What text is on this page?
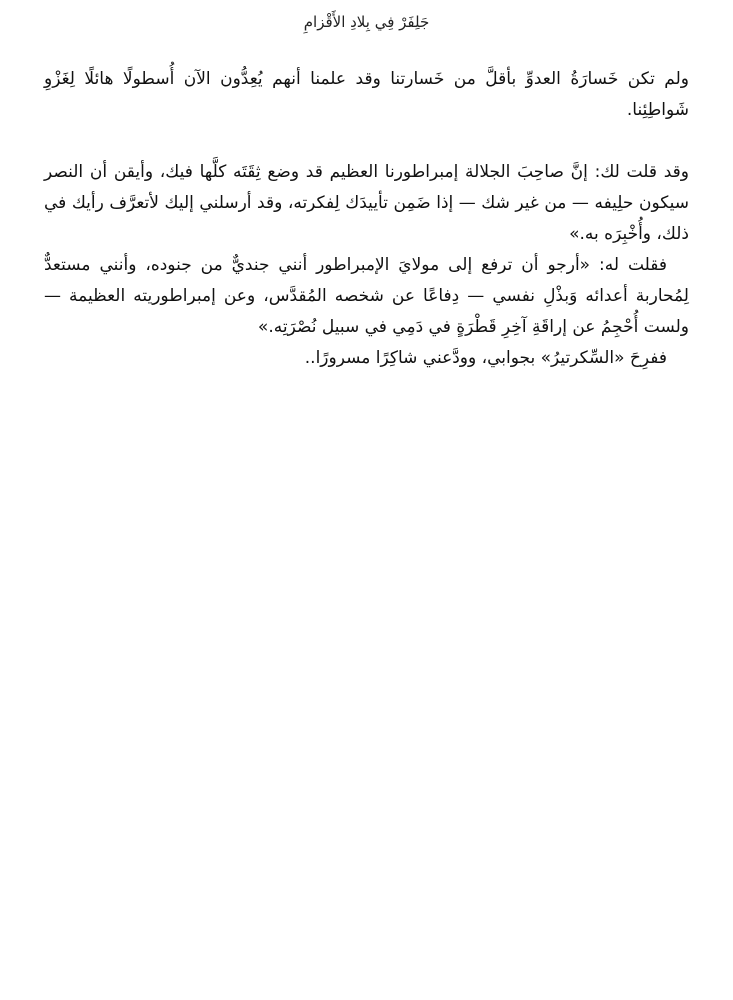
جَلِفَرْ فِي بِلادِ الأَقْزامِ

ولم تكن خَسارَةُ العدوِّ بأقلَّ من خَسارتنا وقد علمنا أنهم يُعِدُّون الآن أُسطولًا هائلًا لِغَزْوِ شَواطِئِنا.

وقد قلت لك: إنَّ صاحِبَ الجلالة إمبراطورنا العظيم قد وضع ثِقَتَه كلَّها فيك، وأيقن أن النصر سيكون حلِيفه — من غير شك — إذا ضَمِن تأييدَك لِفكرته، وقد أرسلني إليك لأتعرَّف رأيك في ذلك، وأُخْبِرَه به.»

فقلت له: «أرجو أن ترفع إلى مولايَ الإمبراطور أنني جنديٌّ من جنوده، وأنني مستعدٌّ لِمُحاربة أعدائه وَبذْلِ نفسي — دِفاعًا عن شخصه المُقدَّس، وعن إمبراطوريته العظيمة — ولست أُحْجِمُ عن إراقَةِ آخِرِ قَطْرَةٍ في دَمِي في سبيل نُصْرَتِه.»

ففرِحَ «السِّكرتيرُ» بجوابي، وودَّعني شاكِرًا مسرورًا..
